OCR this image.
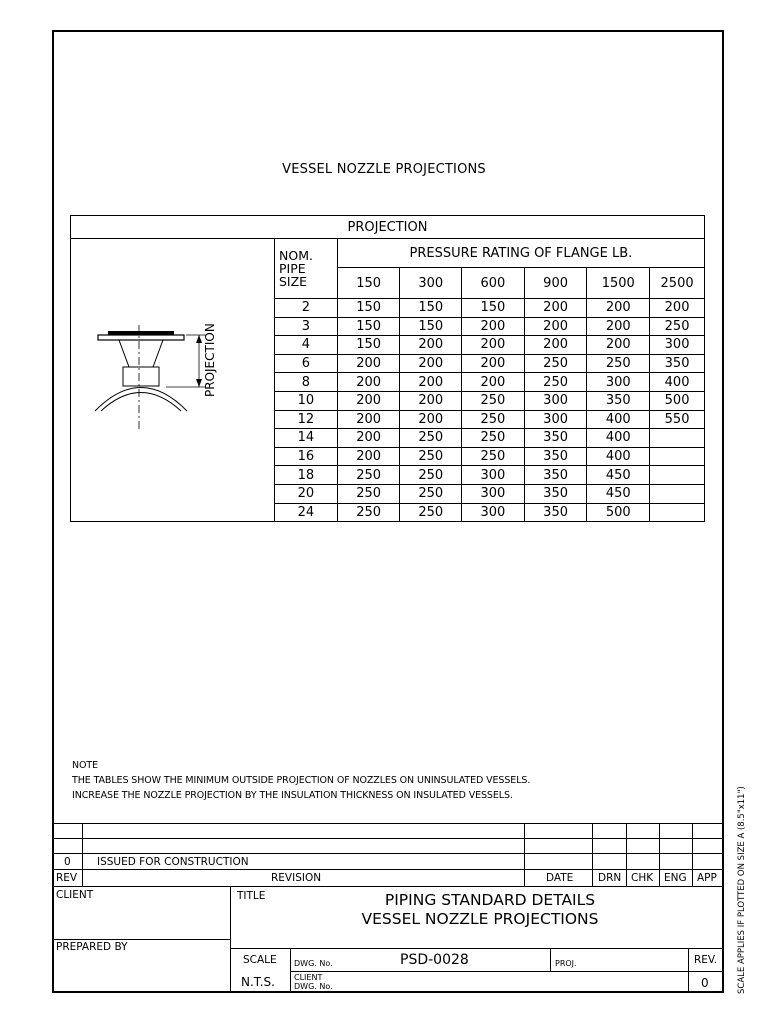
VESSEL NOZZLE PROJECTIONS
PROJECTION							

PROJECTION	NOM.
PIPE
SIZE	PRESSURE RATING OF FLANGE LB.					
		150	300	600	900	1500	2500
	2	150	150	150	200	200	200
	3	150	150	200	200	200	250
	4	150	200	200	200	200	300
	6	200	200	200	250	250	350
	8	200	200	200	250	300	400
	10	200	200	250	300	350	500
	12	200	200	250	300	400	550
	14	200	250	250	350	400	
	16	200	250	250	350	400	
	18	250	250	300	350	450	
	20	250	250	300	350	450	
	24	250	250	300	350	500	
NOTE
THE TABLES SHOW THE MINIMUM OUTSIDE PROJECTION OF NOZZLES ON UNINSULATED VESSELS.
INCREASE THE NOZZLE PROJECTION BY THE INSULATION THICKNESS ON INSULATED VESSELS.
0	ISSUED FOR CONSTRUCTION
REV	REVISION	DATE DRN CHK ENG APP
CLIENT
PREPARED BY
TITLE	PIPING STANDARD DETAILS
VESSEL NOZZLE PROJECTIONS
SCALE
N.T.S.
DWG. No.	PSD-0028	PROJ.	REV.
CLIENT
DWG. No.	0	SCALE APPLIES IF PLOTTED ON SIZE A (8.5"x11")
